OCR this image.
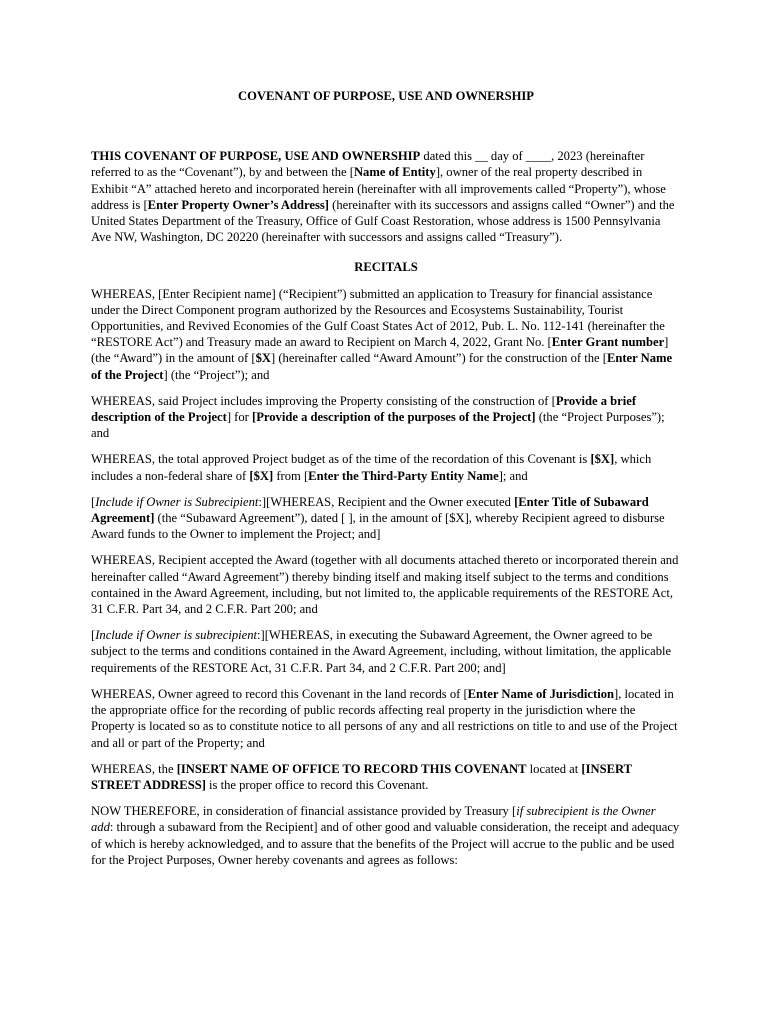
COVENANT OF PURPOSE, USE AND OWNERSHIP

THIS COVENANT OF PURPOSE, USE AND OWNERSHIP dated this __ day of ____, 2023 (hereinafter referred to as the “Covenant”), by and between the [Name of Entity], owner of the real property described in Exhibit “A” attached hereto and incorporated herein (hereinafter with all improvements called “Property”), whose address is [Enter Property Owner’s Address] (hereinafter with its successors and assigns called “Owner”) and the United States Department of the Treasury, Office of Gulf Coast Restoration, whose address is 1500 Pennsylvania Ave NW, Washington, DC 20220 (hereinafter with successors and assigns called “Treasury”).

RECITALS

WHEREAS, [Enter Recipient name] (“Recipient”) submitted an application to Treasury for financial assistance under the Direct Component program authorized by the Resources and Ecosystems Sustainability, Tourist Opportunities, and Revived Economies of the Gulf Coast States Act of 2012, Pub. L. No. 112-141 (hereinafter the “RESTORE Act”) and Treasury made an award to Recipient on March 4, 2022, Grant No. [Enter Grant number] (the “Award”) in the amount of [$X] (hereinafter called “Award Amount”) for the construction of the [Enter Name of the Project] (the “Project”); and

WHEREAS, said Project includes improving the Property consisting of the construction of [Provide a brief description of the Project] for [Provide a description of the purposes of the Project] (the “Project Purposes”); and

WHEREAS, the total approved Project budget as of the time of the recordation of this Covenant is [$X], which includes a non-federal share of [$X] from [Enter the Third-Party Entity Name]; and

[Include if Owner is Subrecipient:][WHEREAS, Recipient and the Owner executed [Enter Title of Subaward Agreement] (the “Subaward Agreement”), dated [ ], in the amount of [$X], whereby Recipient agreed to disburse Award funds to the Owner to implement the Project; and]

WHEREAS, Recipient accepted the Award (together with all documents attached thereto or incorporated therein and hereinafter called “Award Agreement”) thereby binding itself and making itself subject to the terms and conditions contained in the Award Agreement, including, but not limited to, the applicable requirements of the RESTORE Act, 31 C.F.R. Part 34, and 2 C.F.R. Part 200; and

[Include if Owner is subrecipient:][WHEREAS, in executing the Subaward Agreement, the Owner agreed to be subject to the terms and conditions contained in the Award Agreement, including, without limitation, the applicable requirements of the RESTORE Act, 31 C.F.R. Part 34, and 2 C.F.R. Part 200; and]

WHEREAS, Owner agreed to record this Covenant in the land records of [Enter Name of Jurisdiction], located in the appropriate office for the recording of public records affecting real property in the jurisdiction where the Property is located so as to constitute notice to all persons of any and all restrictions on title to and use of the Project and all or part of the Property; and

WHEREAS, the [INSERT NAME OF OFFICE TO RECORD THIS COVENANT located at [INSERT STREET ADDRESS] is the proper office to record this Covenant.

NOW THEREFORE, in consideration of financial assistance provided by Treasury [if subrecipient is the Owner add: through a subaward from the Recipient] and of other good and valuable consideration, the receipt and adequacy of which is hereby acknowledged, and to assure that the benefits of the Project will accrue to the public and be used for the Project Purposes, Owner hereby covenants and agrees as follows:
